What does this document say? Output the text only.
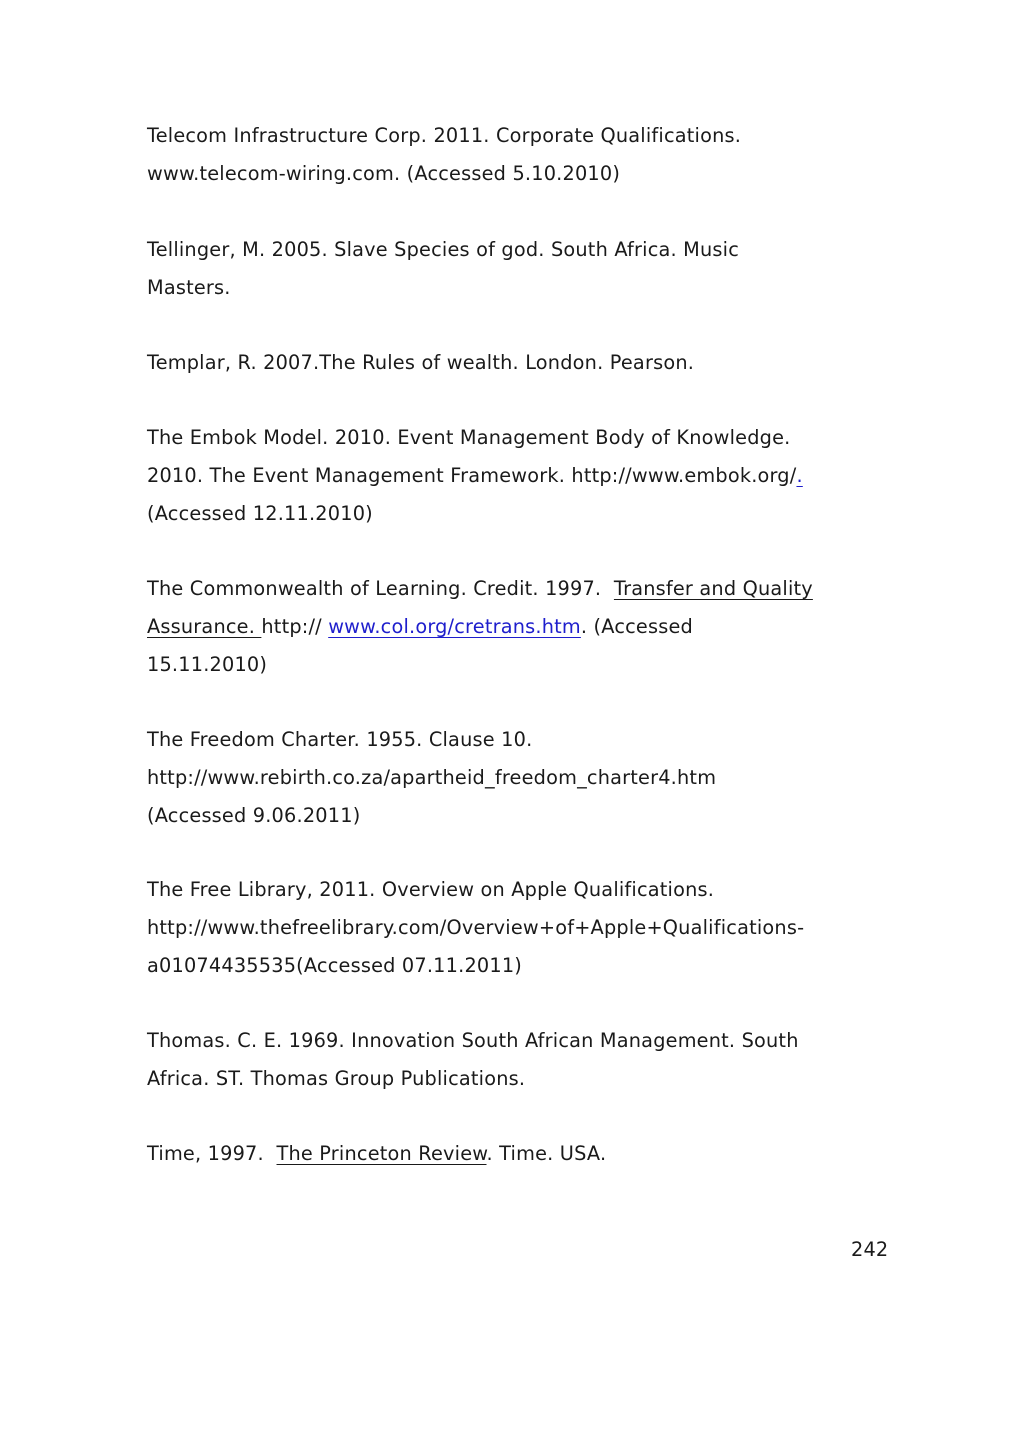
Telecom Infrastructure Corp. 2011. Corporate Qualifications.
www.telecom-wiring.com. (Accessed 5.10.2010)
Tellinger, M. 2005. Slave Species of god. South Africa. Music
Masters.
Templar, R. 2007.The Rules of wealth. London. Pearson.
The Embok Model. 2010. Event Management Body of Knowledge.
2010. The Event Management Framework. http://www.embok.org/.
(Accessed 12.11.2010)
The Commonwealth of Learning. Credit. 1997.  Transfer and Quality
Assurance. http:// www.col.org/cretrans.htm. (Accessed
15.11.2010)
The Freedom Charter. 1955. Clause 10.
http://www.rebirth.co.za/apartheid_freedom_charter4.htm
(Accessed 9.06.2011)
The Free Library, 2011. Overview on Apple Qualifications.
http://www.thefreelibrary.com/Overview+of+Apple+Qualifications-
a01074435535(Accessed 07.11.2011)
Thomas. C. E. 1969. Innovation South African Management. South
Africa. ST. Thomas Group Publications.
Time, 1997.  The Princeton Review. Time. USA.
242
